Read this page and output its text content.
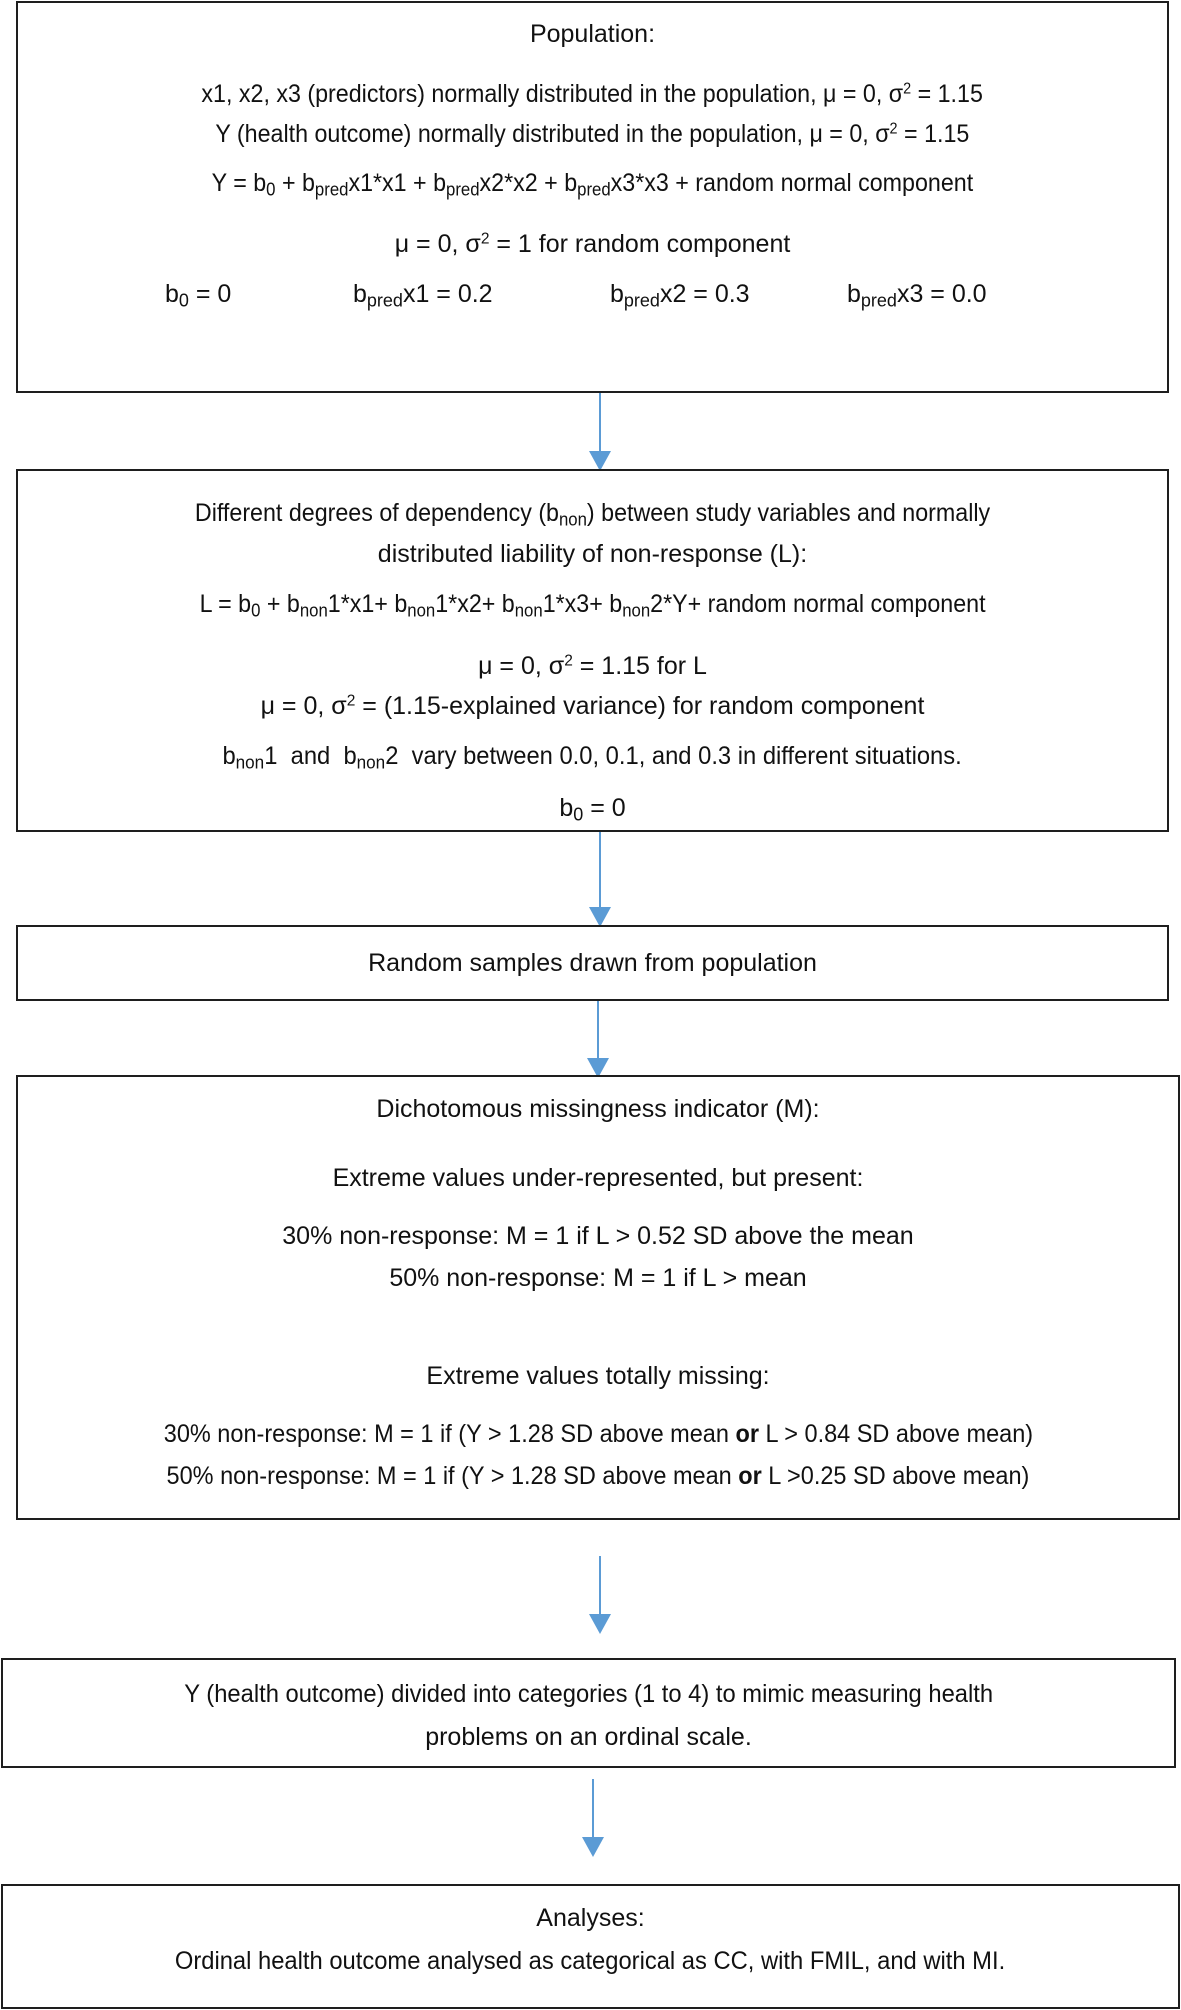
Population:
x1, x2, x3 (predictors) normally distributed in the population, μ = 0, $\sigma^2 = 1.15$
Y (health outcome) normally distributed in the population, μ = 0, $\sigma^2 = 1.15$
$Y = b_0 + b_{pred}x1*x1 + b_{pred}x2*x2 + b_{pred}x3*x3$ + random normal component
μ = 0, $\sigma^2 = 1$ for random component
$b_0 = 0$	$b_{pred}x1 = 0.2$	$b_{pred}x2 = 0.3$	$b_{pred}x3 = 0.0$
Different degrees of dependency $(b_{non})$ between study variables and normally
distributed liability of non-response (L):
$L = b_0 + b_{non}1*x1+ b_{non}1*x2+ b_{non}1*x3+ b_{non}2*Y+$ random normal component
μ = 0, $\sigma^2 = 1.15$ for L
μ = 0, $\sigma^2$ = (1.15-explained variance) for random component
$b_{non}1$  and  $b_{non}2$  vary between 0.0, 0.1, and 0.3 in different situations.
$b_0 = 0$
Random samples drawn from population
Dichotomous missingness indicator (M):
Extreme values under-represented, but present:
30% non-response: M = 1 if L > 0.52 SD above the mean
50% non-response: M = 1 if L > mean
Extreme values totally missing:
30% non-response: M = 1 if (Y > 1.28 SD above mean or L > 0.84 SD above mean)
50% non-response: M = 1 if (Y > 1.28 SD above mean or L >0.25 SD above mean)
Y (health outcome) divided into categories (1 to 4) to mimic measuring health
problems on an ordinal scale.
Analyses:
Ordinal health outcome analysed as categorical as CC, with FMIL, and with MI.
